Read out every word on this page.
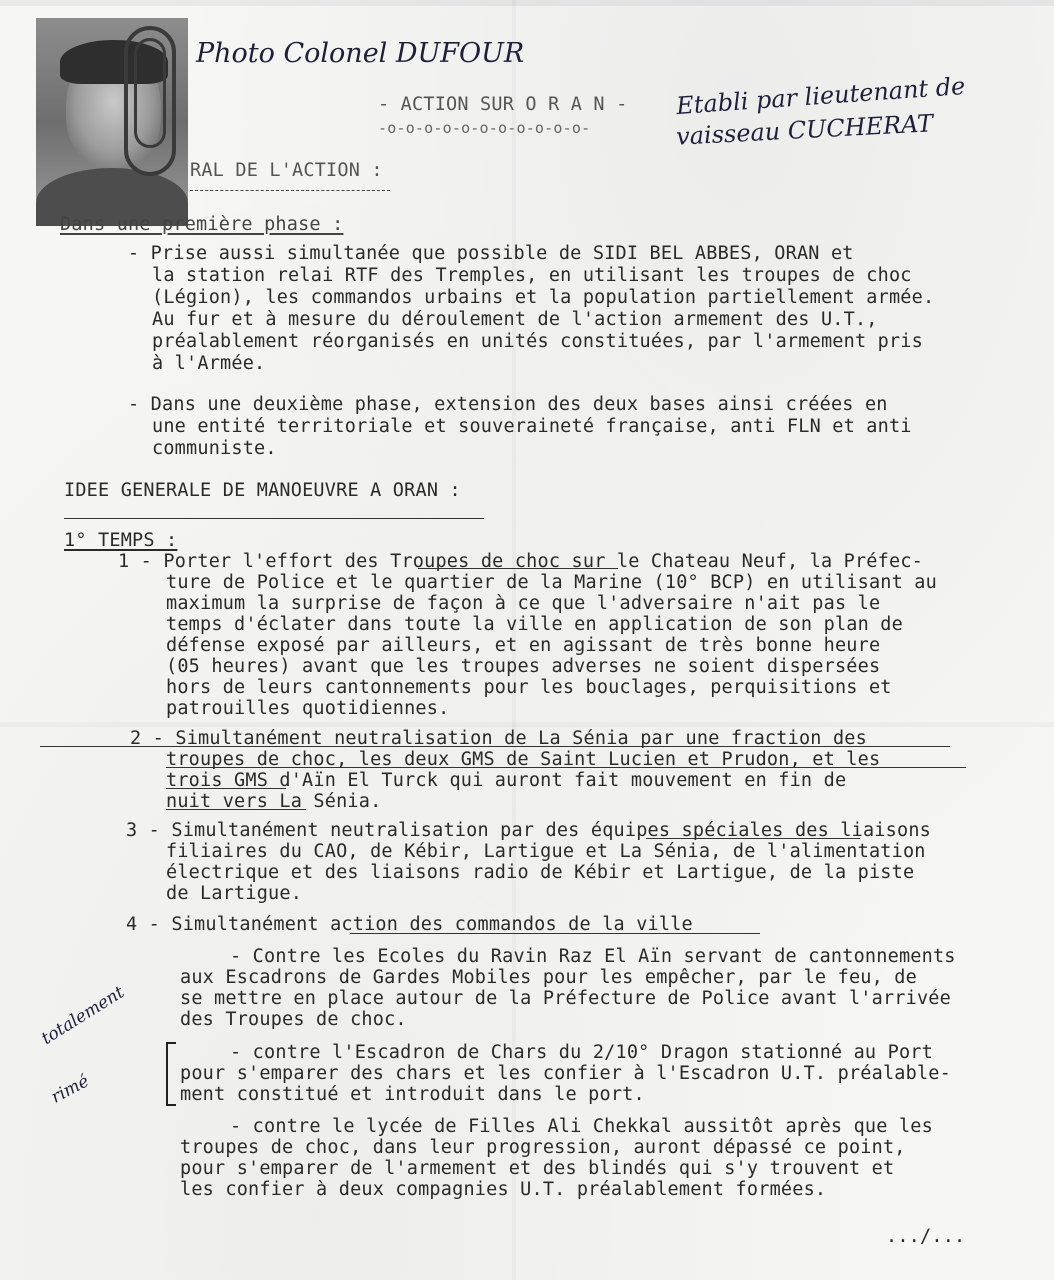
Photo Colonel DUFOUR
Etabli par lieutenant de
vaisseau CUCHERAT
totalement
rimé
- ACTION SUR O R A N -
-o-o-o-o-o-o-o-o-o-o-o-
RAL DE L'ACTION :
Dans une première phase :
- Prise aussi simultanée que possible de SIDI BEL ABBES, ORAN et
la station relai RTF des Tremples, en utilisant les troupes de choc
(Légion), les commandos urbains et la population partiellement armée.
Au fur et à mesure du déroulement de l'action armement des U.T.,
préalablement réorganisés en unités constituées, par l'armement pris
à l'Armée.
- Dans une deuxième phase, extension des deux bases ainsi créées en
une entité territoriale et souveraineté française, anti FLN et anti
communiste.
IDEE GENERALE DE MANOEUVRE A ORAN :
1° TEMPS :
1 - Porter l'effort des Troupes de choc sur le Chateau Neuf, la Préfec-
ture de Police et le quartier de la Marine (10° BCP) en utilisant au
maximum la surprise de façon à ce que l'adversaire n'ait pas le
temps d'éclater dans toute la ville en application de son plan de
défense exposé par ailleurs, et en agissant de très bonne heure
(05 heures) avant que les troupes adverses ne soient dispersées
hors de leurs cantonnements pour les bouclages, perquisitions et
patrouilles quotidiennes.
2 - Simultanément neutralisation de La Sénia par une fraction des
troupes de choc, les deux GMS de Saint Lucien et Prudon, et les
trois GMS d'Aïn El Turck qui auront fait mouvement en fin de
nuit vers La Sénia.
3 - Simultanément neutralisation par des équipes spéciales des liaisons
filiaires du CAO, de Kébir, Lartigue et La Sénia, de l'alimentation
électrique et des liaisons radio de Kébir et Lartigue, de la piste
de Lartigue.
4 - Simultanément action des commandos de la ville
- Contre les Ecoles du Ravin Raz El Aïn servant de cantonnements
aux Escadrons de Gardes Mobiles pour les empêcher, par le feu, de
se mettre en place autour de la Préfecture de Police avant l'arrivée
des Troupes de choc.
- contre l'Escadron de Chars du 2/10° Dragon stationné au Port
pour s'emparer des chars et les confier à l'Escadron U.T. préalable-
ment constitué et introduit dans le port.
- contre le lycée de Filles Ali Chekkal aussitôt après que les
troupes de choc, dans leur progression, auront dépassé ce point,
pour s'emparer de l'armement et des blindés qui s'y trouvent et
les confier à deux compagnies U.T. préalablement formées.
.../...
